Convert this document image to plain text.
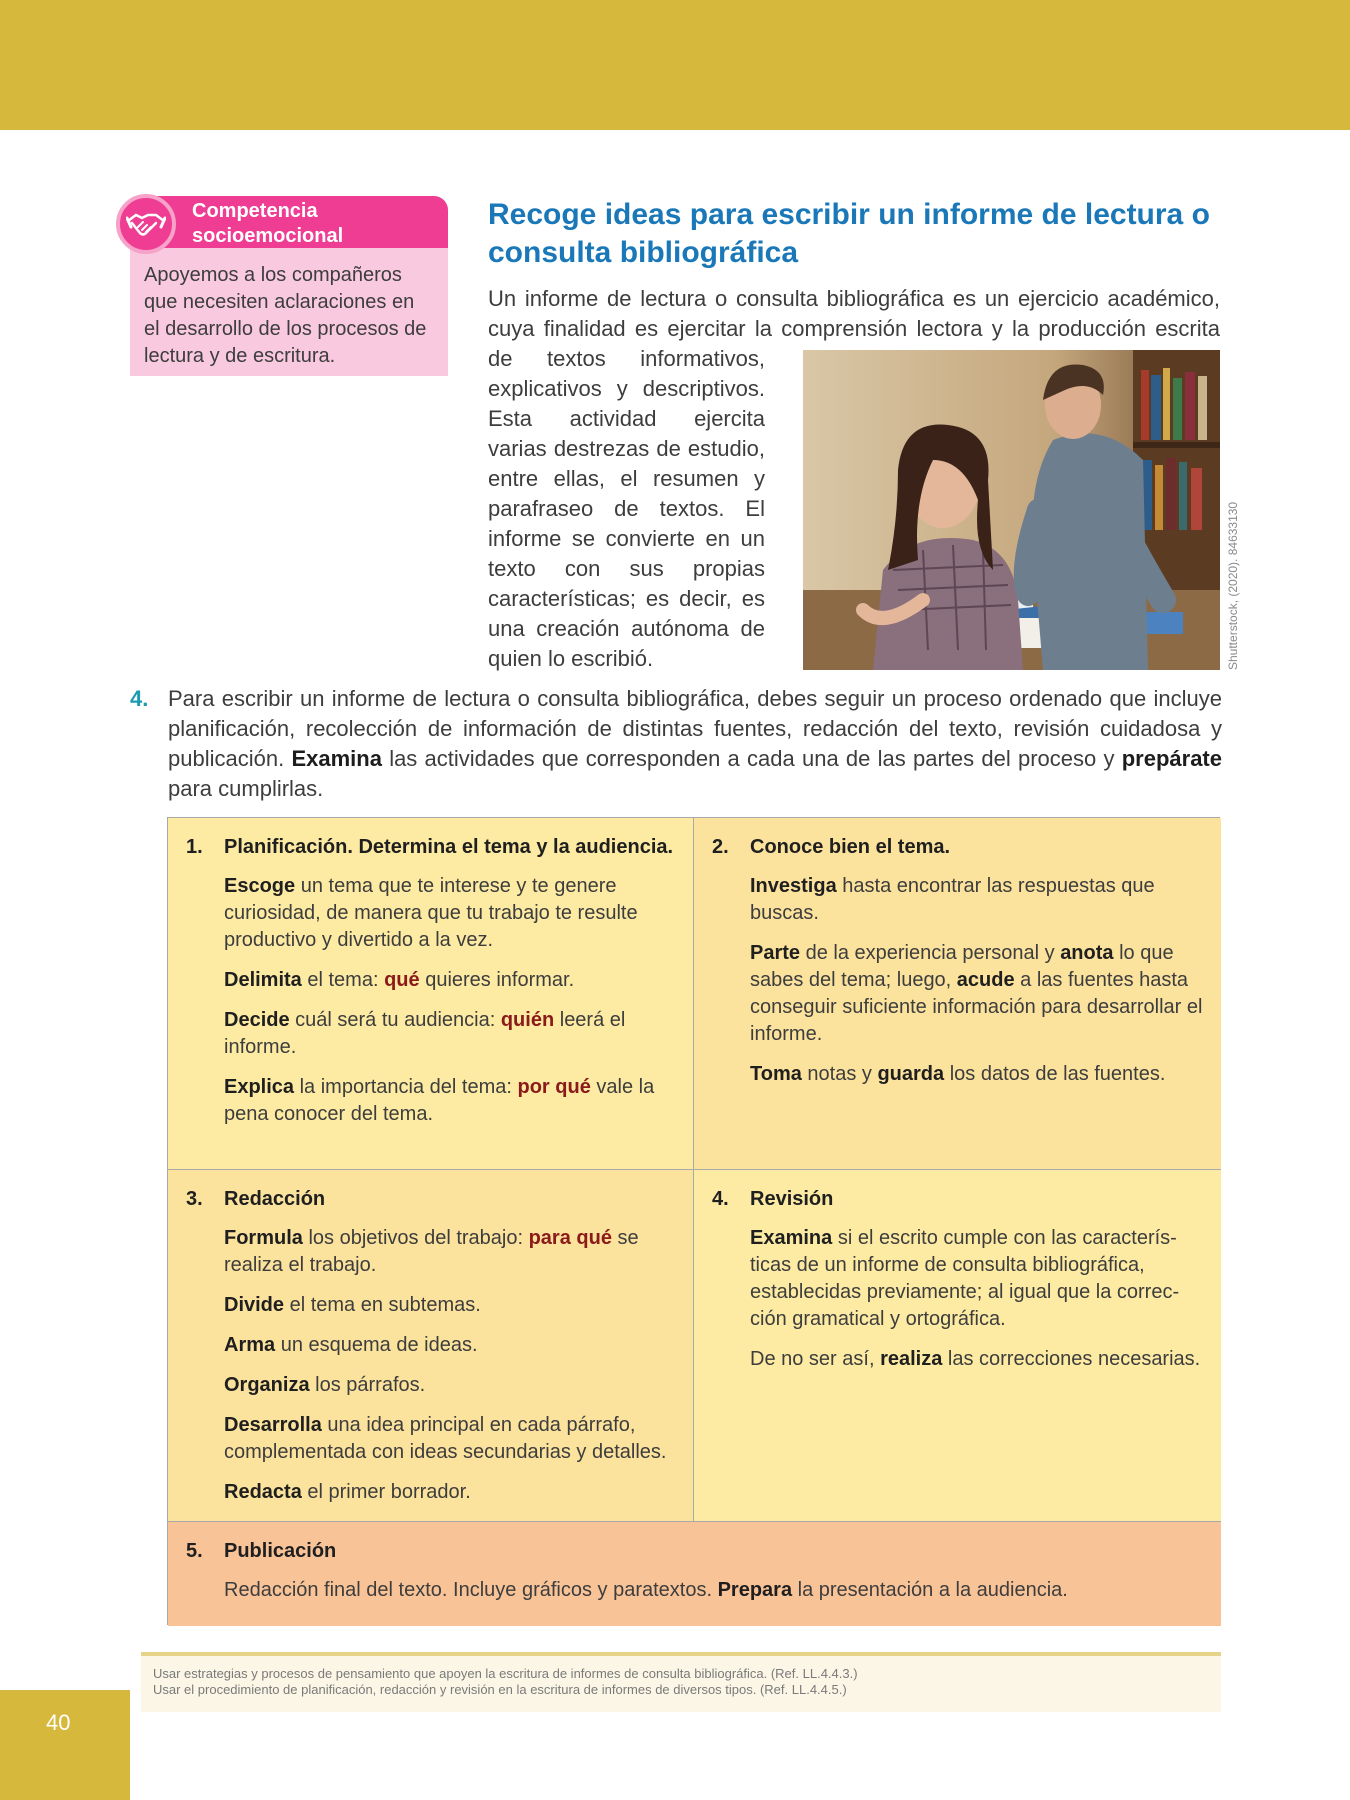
Competencia
socioemocional
Apoyemos a los compañeros que necesiten aclaraciones en el desarrollo de los procesos de lectura y de escritura.
Recoge ideas para escribir un informe de lectura o consulta bibliográfica

Un informe de lectura o consulta bibliográfica es un ejercicio académico,

cuya finalidad es ejercitar la comprensión lectora y la producción escrita

de textos informativos, explicativos y descriptivos. Esta actividad ejercita varias destrezas de estudio, entre ellas, el resumen y parafraseo de textos. El informe se convierte en un texto con sus propias características; es decir, es una creación autónoma de quien lo escribió.	Shutterstock, (2020). 84633130
4. Para escribir un informe de lectura o consulta bibliográfica, debes seguir un proceso ordenado que incluye planificación, recolección de información de distintas fuentes, redacción del texto, revisión cuidadosa y publicación. Examina las actividades que corresponden a cada una de las partes del proceso y prepárate para cumplirlas.
1.	Planificación. Determina el tema y la audiencia.

Escoge un tema que te interese y te genere curiosidad, de manera que tu trabajo te resulte productivo y divertido a la vez.

Delimita el tema: qué quieres informar.

Decide cuál será tu audiencia: quién leerá el informe.

Explica la importancia del tema: por qué vale la pena conocer del tema.

2.	Conoce bien el tema.

Investiga hasta encontrar las respuestas que buscas.

Parte de la experiencia personal y anota lo que sabes del tema; luego, acude a las fuentes hasta conseguir suficiente información para desarrollar el informe.

Toma notas y guarda los datos de las fuentes.

3.	Redacción

Formula los objetivos del trabajo: para qué se realiza el trabajo.

Divide el tema en subtemas.

Arma un esquema de ideas.

Organiza los párrafos.

Desarrolla una idea principal en cada párrafo, complementada con ideas secundarias y detalles.

Redacta el primer borrador.

4.	Revisión

Examina si el escrito cumple con las características de un informe de consulta bibliográfica, establecidas previamente; al igual que la corrección gramatical y ortográfica.

De no ser así, realiza las correcciones necesarias.

5.	Publicación

Redacción final del texto. Incluye gráficos y paratextos. Prepara la presentación a la audiencia.

Usar estrategias y procesos de pensamiento que apoyen la escritura de informes de consulta bibliográfica. (Ref. LL.4.4.3.)
Usar el procedimiento de planificación, redacción y revisión en la escritura de informes de diversos tipos. (Ref. LL.4.4.5.)
40
